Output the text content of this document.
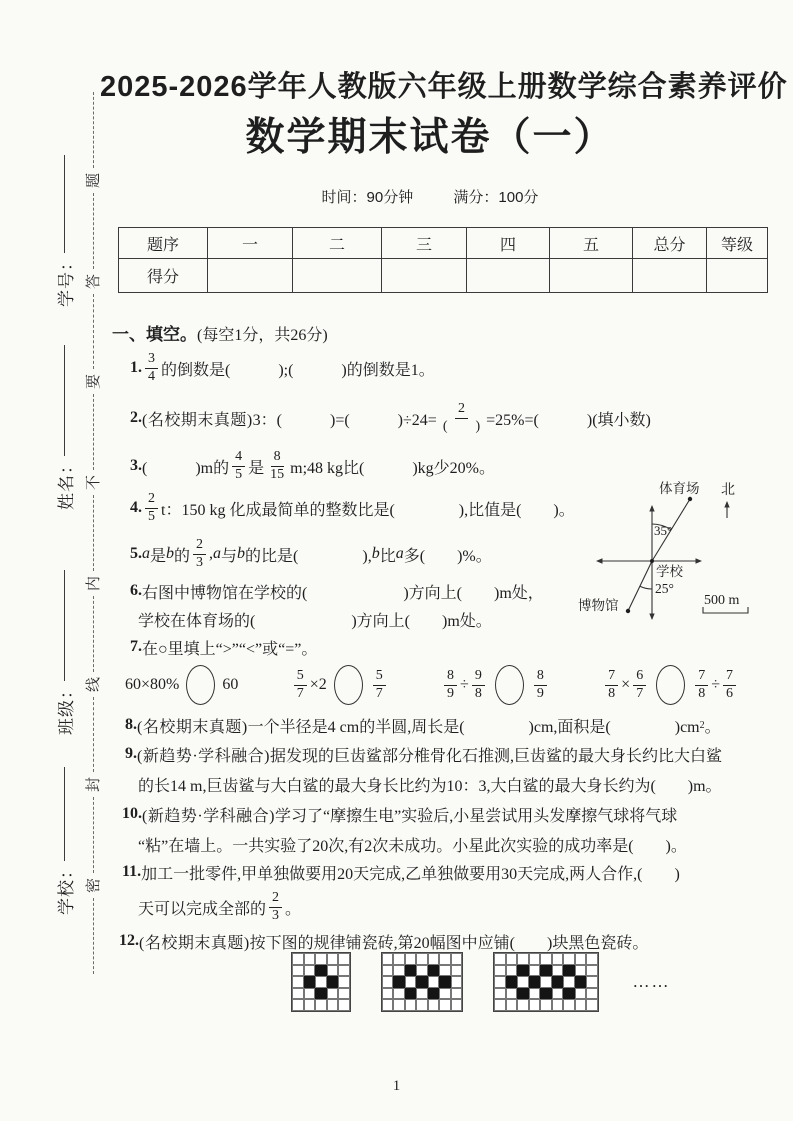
2025-2026学年人教版六年级上册数学综合素养评价
数学期末试卷（一）
时间：90分钟	满分：100分
题序	一	二	三	四	五	总分	等级
得分							
学号：
姓名：
班级：
学校：
题
答
要
不
内
线
封
密
一、填空。(每空1分，共26分)
1. $\frac{3}{4}$ 的倒数是(　　　);(　　　)的倒数是1。
2. (名校期末真题) 3：(　　　)=(　　　)$\div 24= \frac{2}{( )} =25\%=$(　　　)(填小数)
3. (　　　)m的 $\frac{4}{5}$ 是 $\frac{8}{15}$ m;48 kg比(　　　)kg少20%。
4. $\frac{2}{5}$ t：150 kg 化成最简单的整数比是(　　　　),比值是(　　)。
5. a 是 b 的 $\frac{2}{3}$ , a 与 b 的比是(　　　　), b 比 a 多(　　)%。
6. 右图中博物馆在学校的(　　　　　　)方向上(　　)m处，
学校在体育场的(　　　　　　)方向上(　　)m处。
7. 在○里填上“>”“<”或“=”。
60×80%	60	$\frac{5}{7} \times 2$	$\frac{5}{7}$	$\frac{8}{9} \div \frac{9}{8}$	$\frac{8}{9}$	$\frac{7}{8} \times \frac{6}{7}$	$\frac{7}{8} \div \frac{7}{6}$
8. (名校期末真题) 一个半径是4 cm的半圆,周长是(　　　　)cm,面积是(　　　　)cm 2 。
9. (新趋势·学科融合) 据发现的巨齿鲨部分椎骨化石推测,巨齿鲨的最大身长约比大白鲨
的长14 m,巨齿鲨与大白鲨的最大身长比约为10：3,大白鲨的最大身长约为(　　)m。
10. (新趋势·学科融合) 学习了“摩擦生电”实验后,小星尝试用头发摩擦气球将气球
“粘”在墙上。一共实验了20次,有2次未成功。小星此次实验的成功率是(　　)。
11. 加工一批零件,甲单独做要用20天完成,乙单独做要用30天完成,两人合作,(　　)
天可以完成全部的 $\frac{2}{3}$ 。
12. (名校期末真题) 按下图的规律铺瓷砖,第20幅图中应铺(　　)块黑色瓷砖。
……
体育场 北
35°
学校
25°
博物馆	500 m
1
